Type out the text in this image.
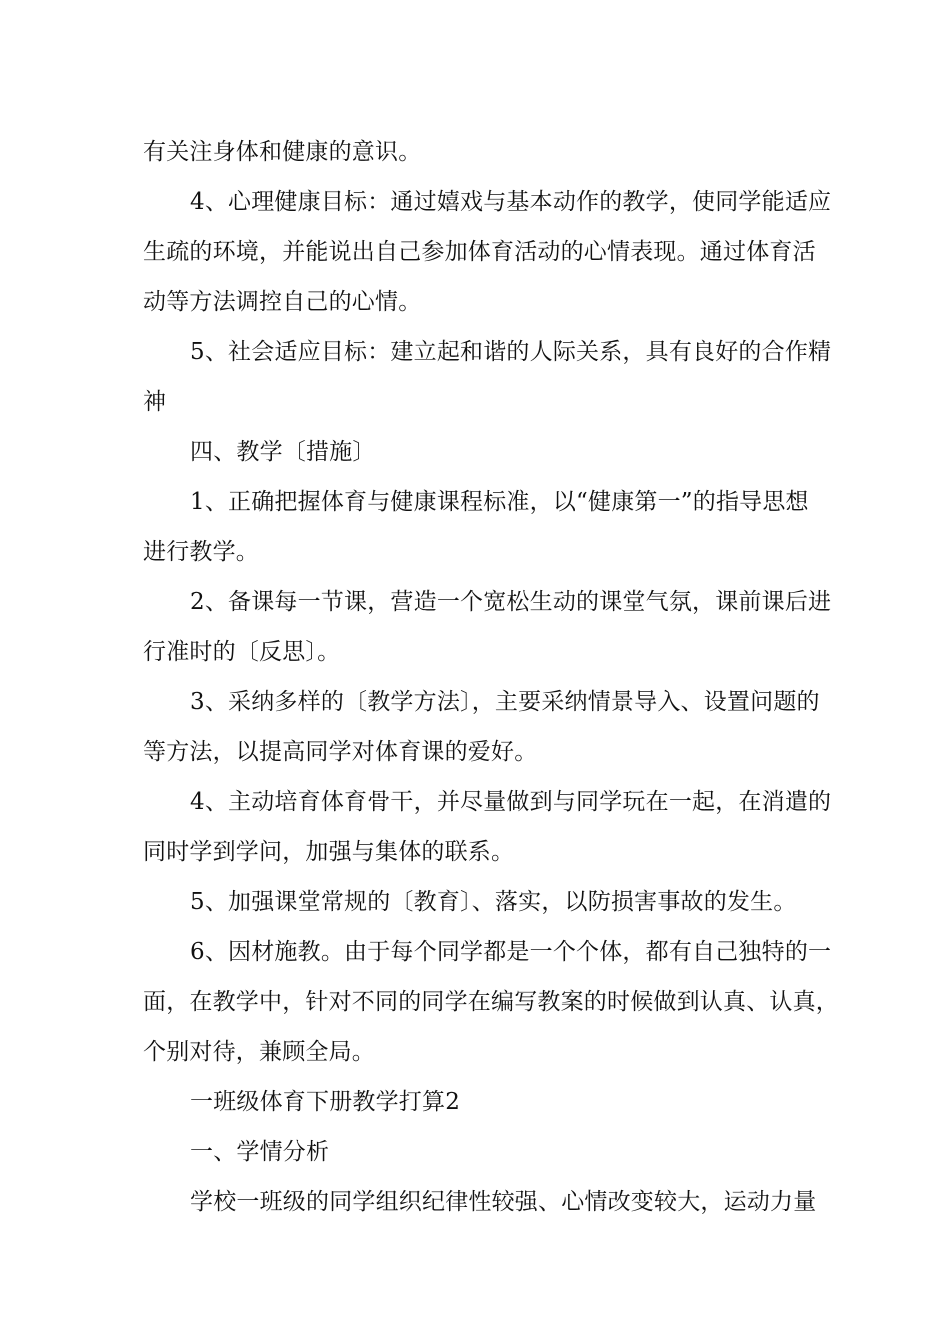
有关注身体和健康的意识。
4、心理健康目标：通过嬉戏与基本动作的教学，使同学能适应
生疏的环境，并能说出自己参加体育活动的心情表现。通过体育活
动等方法调控自己的心情。
5、社会适应目标：建立起和谐的人际关系，具有良好的合作精
神
四、教学〔措施〕
1、正确把握体育与健康课程标准，以“健康第一”的指导思想
进行教学。
2、备课每一节课，营造一个宽松生动的课堂气氛，课前课后进
行准时的〔反思〕。
3、采纳多样的〔教学方法〕，主要采纳情景导入、设置问题的
等方法，以提高同学对体育课的爱好。
4、主动培育体育骨干，并尽量做到与同学玩在一起，在消遣的
同时学到学问，加强与集体的联系。
5、加强课堂常规的〔教育〕、落实，以防损害事故的发生。
6、因材施教。由于每个同学都是一个个体，都有自己独特的一
面，在教学中，针对不同的同学在编写教案的时候做到认真、认真，
个别对待，兼顾全局。
一班级体育下册教学打算2
一、学情分析
学校一班级的同学组织纪律性较强、心情改变较大，运动力量
